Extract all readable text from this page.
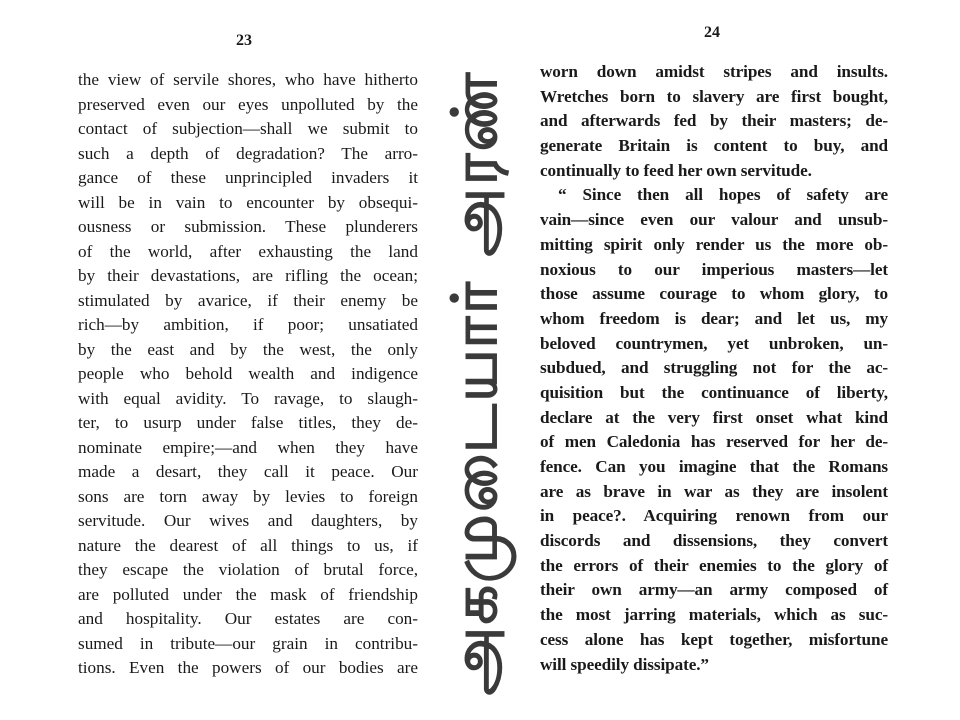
23	24
the view of servile shores, who have hitherto
preserved even our eyes unpolluted by the
contact of subjection—shall we submit to
such a depth of degradation? The arro-
gance of these unprincipled invaders it
will be in vain to encounter by obsequi-
ousness or submission. These plunderers
of the world, after exhausting the land
by their devastations, are rifling the ocean;
stimulated by avarice, if their enemy be
rich—by ambition, if poor; unsatiated
by the east and by the west, the only
people who behold wealth and indigence
with equal avidity. To ravage, to slaugh-
ter, to usurp under false titles, they de-
nominate empire;—and when they have
made a desart, they call it peace. Our
sons are torn away by levies to foreign
servitude. Our wives and daughters, by
nature the dearest of all things to us, if
they escape the violation of brutal force,
are polluted under the mask of friendship
and hospitality. Our estates are con-
sumed in tribute—our grain in contribu-
tions. Even the powers of our bodies are
worn down amidst stripes and insults.
Wretches born to slavery are first bought,
and afterwards fed by their masters; de-
generate Britain is content to buy, and
continually to feed her own servitude.
“ Since then all hopes of safety are
vain—since even our valour and unsub-
mitting spirit only render us the more ob-
noxious to our imperious masters—let
those assume courage to whom glory, to
whom freedom is dear; and let us, my
beloved countrymen, yet unbroken, un-
subdued, and struggling not for the ac-
quisition but the continuance of liberty,
declare at the very first onset what kind
of men Caledonia has reserved for her de-
fence. Can you imagine that the Romans
are as brave in war as they are insolent
in peace?. Acquiring renown from our
discords and dissensions, they convert
the errors of their enemies to the glory of
their own army—an army composed of
the most jarring materials, which as suc-
cess alone has kept together, misfortune
will speedily dissipate.”
அகமுடையார் அரண்
